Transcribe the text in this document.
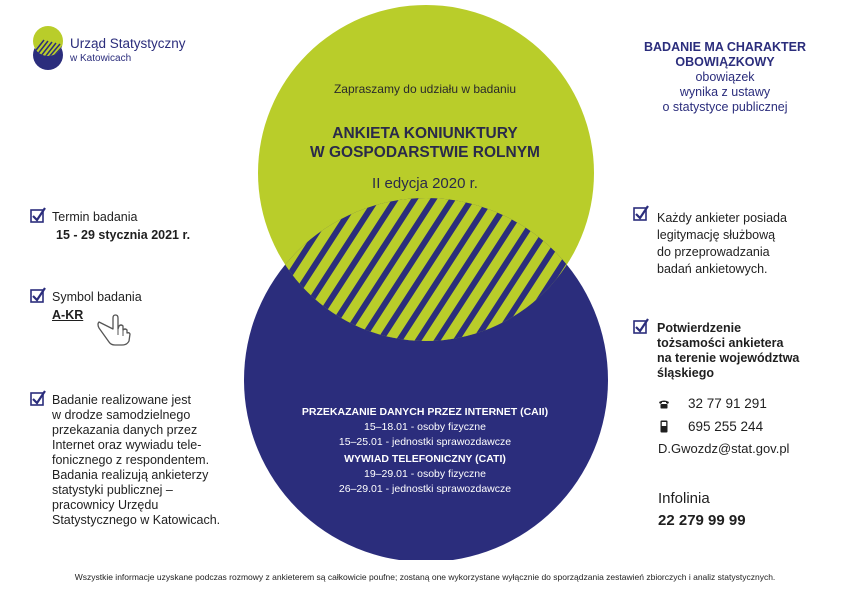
Urząd Statystyczny
w Katowicach
Zapraszamy do udziału w badaniu
ANKIETA KONIUNKTURY
W GOSPODARSTWIE ROLNYM
II edycja 2020 r.
PRZEKAZANIE DANYCH PRZEZ INTERNET (CAII)
15–18.01 - osoby fizyczne
15–25.01 - jednostki sprawozdawcze
WYWIAD TELEFONICZNY (CATI)
19–29.01 - osoby fizyczne
26–29.01 - jednostki sprawozdawcze
BADANIE MA CHARAKTER
OBOWIĄZKOWY
obowiązek
wynika z ustawy
o statystyce publicznej
Termin badania
15 - 29 stycznia 2021 r.
Symbol badania
A-KR
Badanie realizowane jest
w drodze samodzielnego
przekazania danych przez
Internet oraz wywiadu tele-
fonicznego z respondentem.
Badania realizują ankieterzy
statystyki publicznej –
pracownicy Urzędu
Statystycznego w Katowicach.
Każdy ankieter posiada
legitymację służbową
do przeprowadzania
badań ankietowych.
Potwierdzenie
tożsamości ankietera
na terenie województwa
śląskiego
32 77 91 291
695 255 244
D.Gwozdz@stat.gov.pl
Infolinia
22 279 99 99
Wszystkie informacje uzyskane podczas rozmowy z ankieterem są całkowicie poufne; zostaną one wykorzystane wyłącznie do sporządzania zestawień zbiorczych i analiz statystycznych.
